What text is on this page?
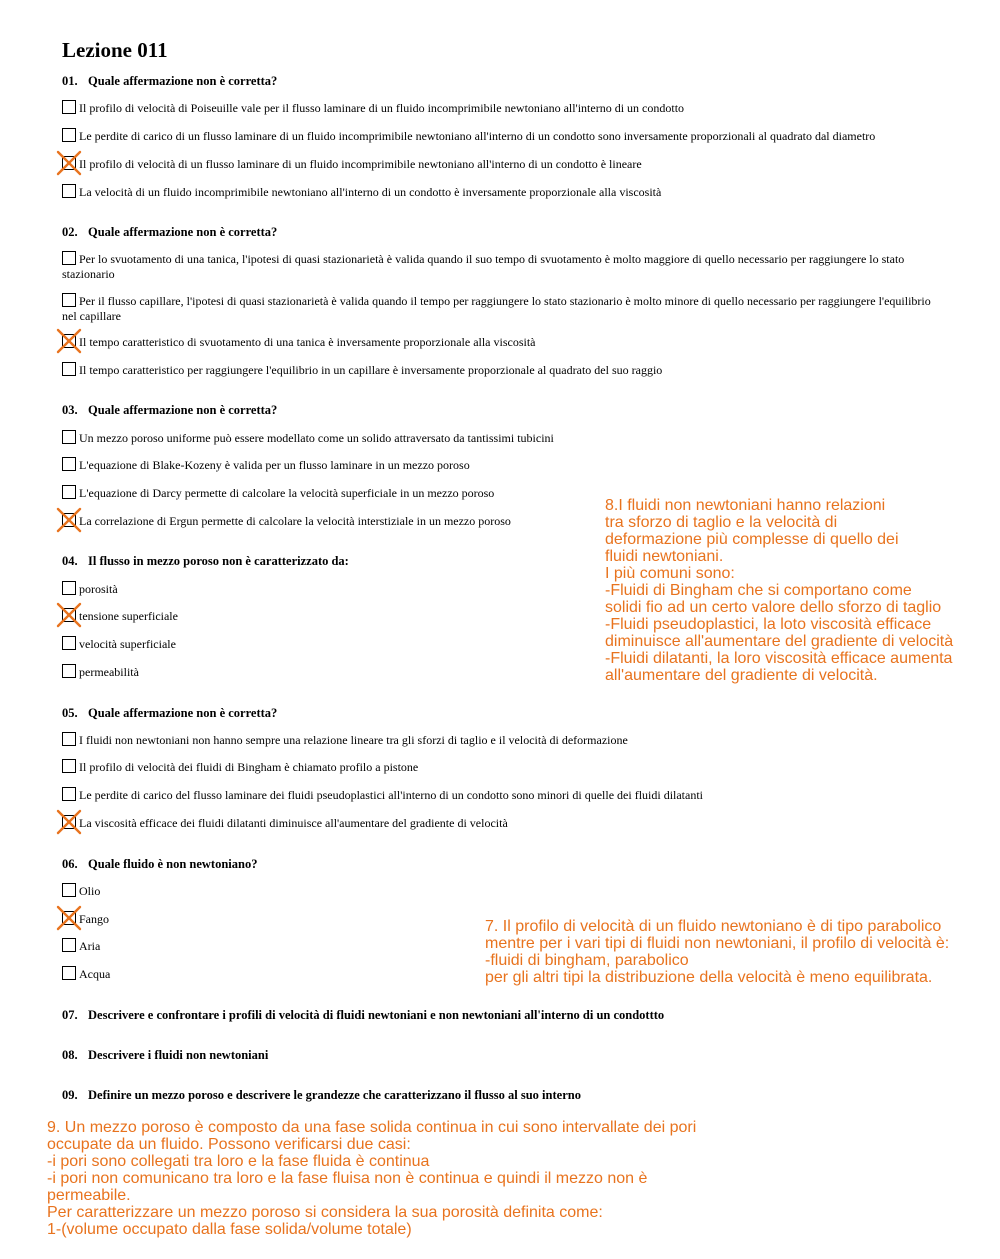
Lezione 011
01. Quale affermazione non è corretta?
Il profilo di velocità di Poiseuille vale per il flusso laminare di un fluido incomprimibile newtoniano all'interno di un condotto
Le perdite di carico di un flusso laminare di un fluido incomprimibile newtoniano all'interno di un condotto sono inversamente proporzionali al quadrato dal diametro
Il profilo di velocità di un flusso laminare di un fluido incomprimibile newtoniano all'interno di un condotto è lineare
La velocità di un fluido incomprimibile newtoniano all'interno di un condotto è inversamente proporzionale alla viscosità
02. Quale affermazione non è corretta?
Per lo svuotamento di una tanica, l'ipotesi di quasi stazionarietà è valida quando il suo tempo di svuotamento è molto maggiore di quello necessario per raggiungere lo stato stazionario
Per il flusso capillare, l'ipotesi di quasi stazionarietà è valida quando il tempo per raggiungere lo stato stazionario è molto minore di quello necessario per raggiungere l'equilibrio nel capillare
Il tempo caratteristico di svuotamento di una tanica è inversamente proporzionale alla viscosità
Il tempo caratteristico per raggiungere l'equilibrio in un capillare è inversamente proporzionale al quadrato del suo raggio
03. Quale affermazione non è corretta?
Un mezzo poroso uniforme può essere modellato come un solido attraversato da tantissimi tubicini
L'equazione di Blake-Kozeny è valida per un flusso laminare in un mezzo poroso
L'equazione di Darcy permette di calcolare la velocità superficiale in un mezzo poroso
La correlazione di Ergun permette di calcolare la velocità interstiziale in un mezzo poroso
04. Il flusso in mezzo poroso non è caratterizzato da:
porosità
tensione superficiale
velocità superficiale
permeabilità
05. Quale affermazione non è corretta?
I fluidi non newtoniani non hanno sempre una relazione lineare tra gli sforzi di taglio e il velocità di deformazione
Il profilo di velocità dei fluidi di Bingham è chiamato profilo a pistone
Le perdite di carico del flusso laminare dei fluidi pseudoplastici all'interno di un condotto sono minori di quelle dei fluidi dilatanti
La viscosità efficace dei fluidi dilatanti diminuisce all'aumentare del gradiente di velocità
06. Quale fluido è non newtoniano?
Olio
Fango
Aria
Acqua
07. Descrivere e confrontare i profili di velocità di fluidi newtoniani e non newtoniani all'interno di un condottto
08. Descrivere i fluidi non newtoniani
09. Definire un mezzo poroso e descrivere le grandezze che caratterizzano il flusso al suo interno
8.I fluidi non newtoniani hanno relazioni
tra sforzo di taglio e la velocità di
deformazione più complesse di quello dei
fluidi newtoniani.
I più comuni sono:
-Fluidi di Bingham che si comportano come
solidi fio ad un certo valore dello sforzo di taglio
-Fluidi pseudoplastici, la loto viscosità efficace
diminuisce all'aumentare del gradiente di velocità
-Fluidi dilatanti, la loro viscosità efficace aumenta
all'aumentare del gradiente di velocità.
7. Il profilo di velocità di un fluido newtoniano è di tipo parabolico
mentre per i vari tipi di fluidi non newtoniani, il profilo di velocità è:
-fluidi di bingham, parabolico
per gli altri tipi la distribuzione della velocità è meno equilibrata.
9. Un mezzo poroso è composto da una fase solida continua in cui sono intervallate dei pori
occupate da un fluido. Possono verificarsi due casi:
-i pori sono collegati tra loro e la fase fluida è continua
-i pori non comunicano tra loro e la fase fluisa non è continua e quindi il mezzo non è
permeabile.
Per caratterizzare un mezzo poroso si considera la sua porosità definita come:
1-(volume occupato dalla fase solida/volume totale)
